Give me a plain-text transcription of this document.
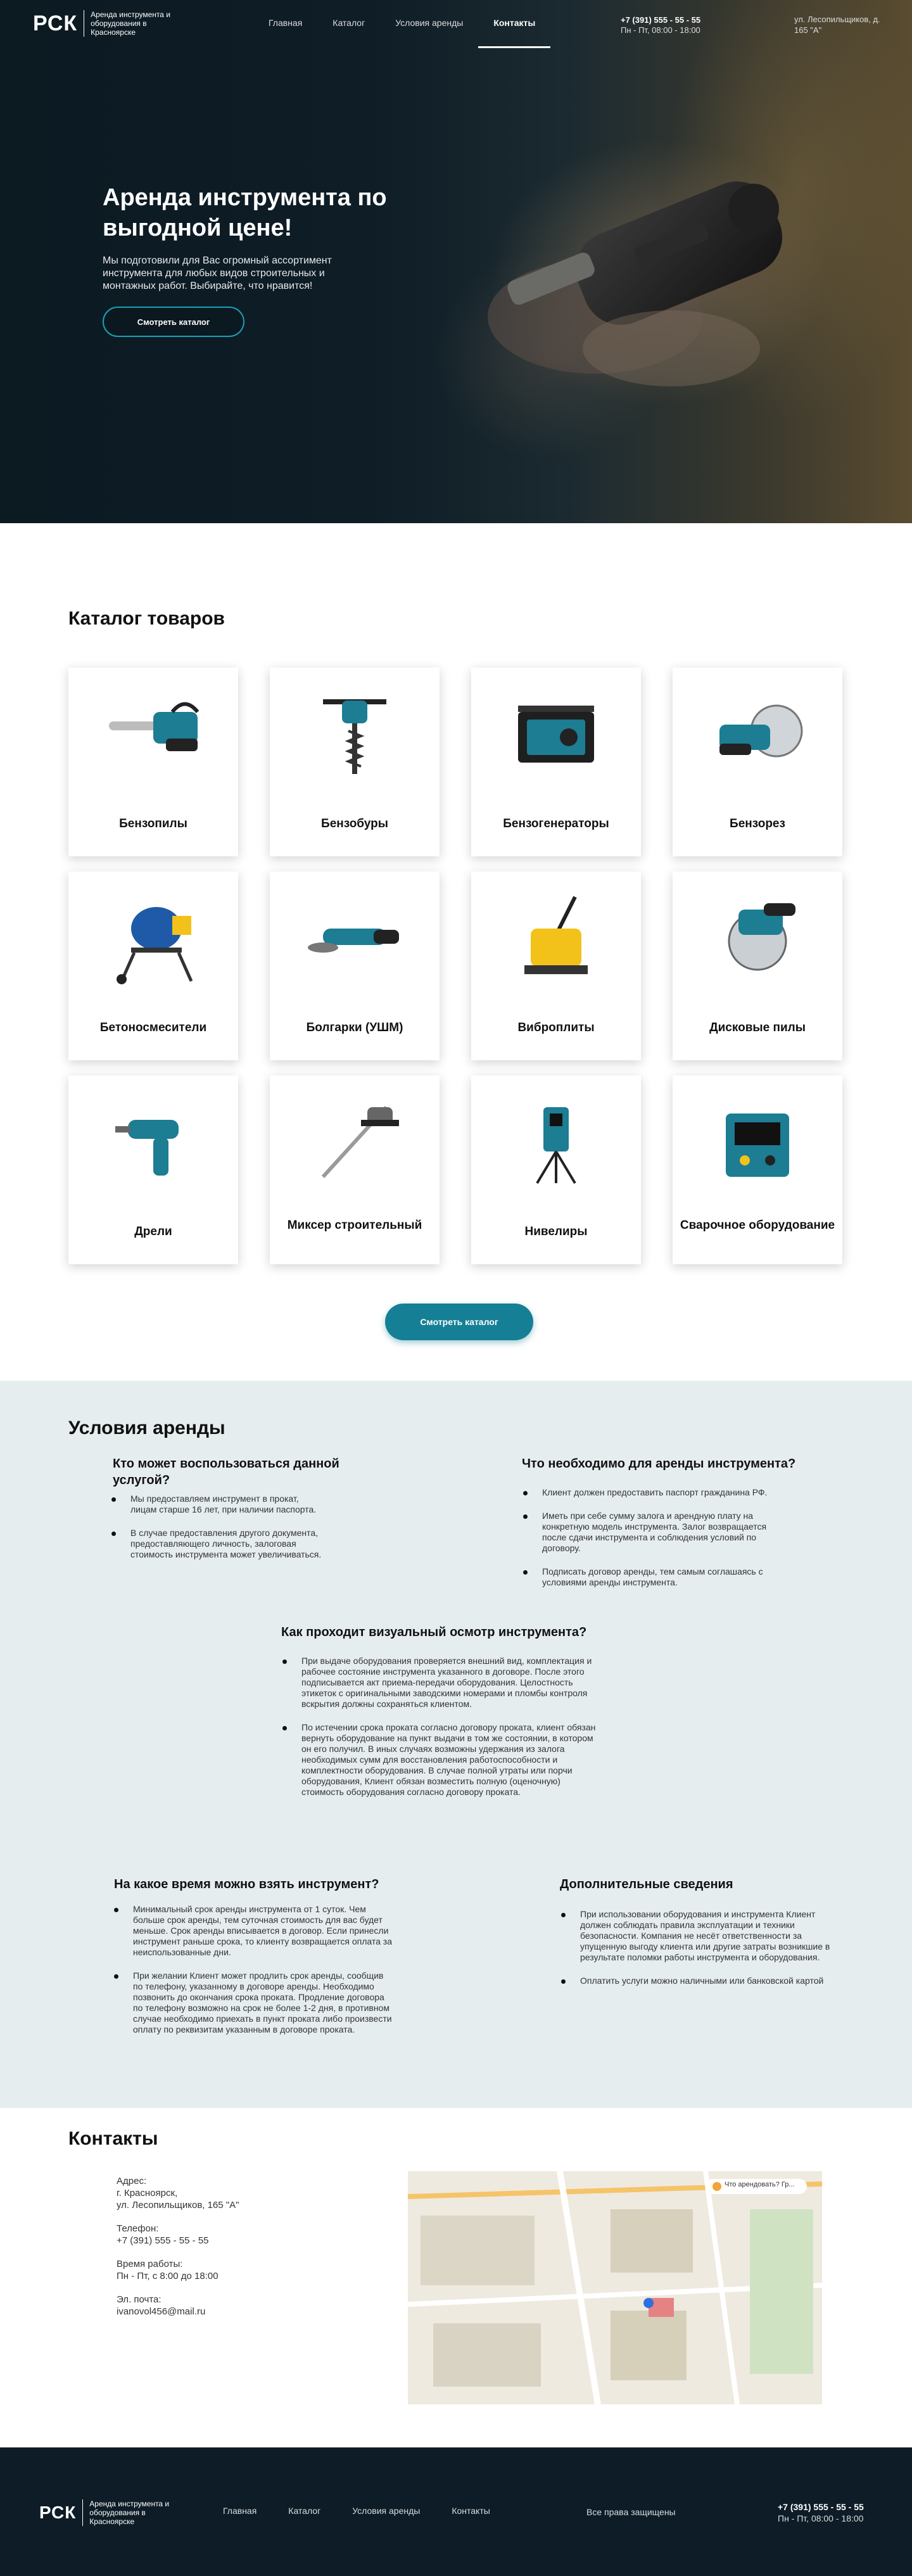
РСК	Аренда инструмента и оборудования в Красноярске
Главная	Каталог	Условия аренды	Контакты	+7 (391) 555 - 55 - 55
Пн - Пт, 08:00 - 18:00
ул. Лесопильщиков, д. 165 "А"
Аренда инструмента по выгодной цене!

Мы подготовили для Вас огромный ассортимент инструмента для любых видов строительных и монтажных работ. Выбирайте, что нравится!

Смотреть каталог
Каталог товаров
Бензопилы	Бензобуры	Бензогенераторы	Бензорез
Бетоносмесители	Болгарки (УШМ)	Виброплиты	Дисковые пилы
Дрели	Миксер строительный	Нивелиры	Сварочное оборудование
Смотреть каталог
Условия аренды
Кто может воспользоваться данной услугой?
Мы предоставляем инструмент в прокат, лицам старше 16 лет, при наличии паспорта.
В случае предоставления другого документа, предоставляющего личность, залоговая стоимость инструмента может увеличиваться.
Что необходимо для аренды инструмента?
Клиент должен предоставить паспорт гражданина РФ.
Иметь при себе сумму залога и арендную плату на конкретную модель инструмента. Залог возвращается после сдачи инструмента и соблюдения условий по договору.
Подписать договор аренды, тем самым соглашаясь с условиями аренды инструмента.
Как проходит визуальный осмотр инструмента?
При выдаче оборудования проверяется внешний вид, комплектация и рабочее состояние инструмента указанного в договоре. После этого подписывается акт приема-передачи оборудования. Целостность этикеток с оригинальными заводскими номерами и пломбы контроля вскрытия должны сохраняться клиентом.
По истечении срока проката согласно договору проката, клиент обязан вернуть оборудование на пункт выдачи в том же состоянии, в котором он его получил. В иных случаях возможны удержания из залога необходимых сумм для восстановления работоспособности и комплектности оборудования. В случае полной утраты или порчи оборудования, Клиент обязан возместить полную (оценочную) стоимость оборудования согласно договору проката.
На какое время можно взять инструмент?
Минимальный срок аренды инструмента от 1 суток. Чем больше срок аренды, тем суточная стоимость для вас будет меньше. Срок аренды вписывается в договор. Если принесли инструмент раньше срока, то клиенту возвращается оплата за неиспользованные дни.
При желании Клиент может продлить срок аренды, сообщив по телефону, указанному в договоре аренды. Необходимо позвонить до окончания срока проката. Продление договора по телефону возможно на срок не более 1-2 дня, в противном случае необходимо приехать в пункт проката либо произвести оплату по реквизитам указанным в договоре проката.
Дополнительные сведения
При использовании оборудования и инструмента Клиент должен соблюдать правила эксплуатации и техники безопасности. Компания не несёт ответственности за упущенную выгоду клиента или другие затраты возникшие в результате поломки работы инструмента и оборудования.
Оплатить услуги можно наличными или банковской картой
Контакты
Адрес:
г. Красноярск,
ул. Лесопильщиков, 165 "А"
Телефон:
+7 (391) 555 - 55 - 55
Время работы:
Пн - Пт, с 8:00 до 18:00
Эл. почта:
ivanovol456@mail.ru
Что арендовать? Гр...
РСК	Аренда инструмента и оборудования в Красноярске
Главная	Каталог	Условия аренды	Контакты	Все права защищены	+7 (391) 555 - 55 - 55
Пн - Пт, 08:00 - 18:00
